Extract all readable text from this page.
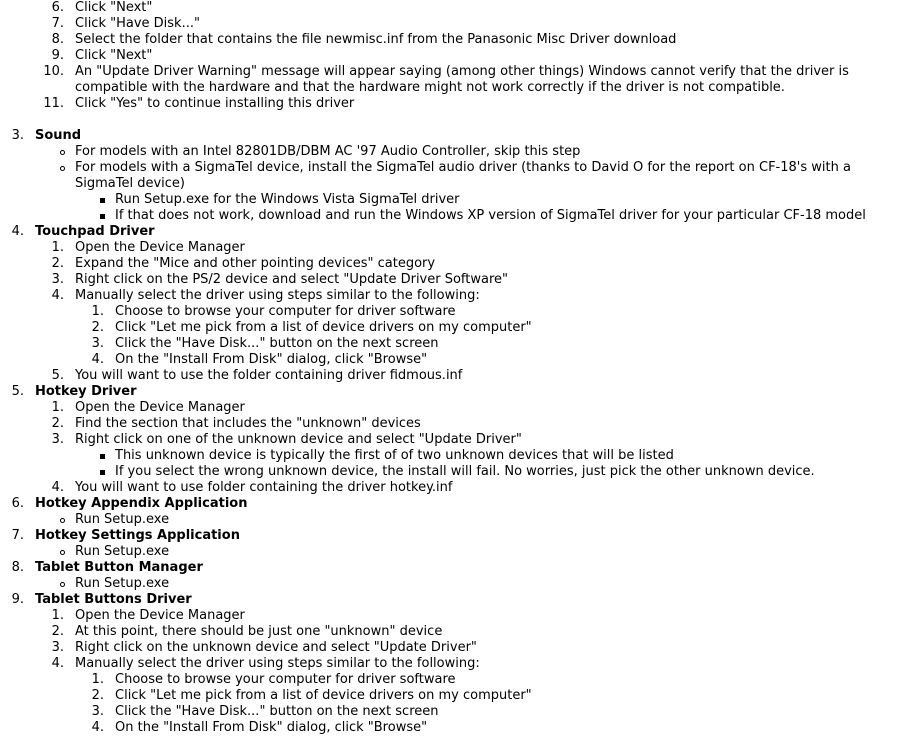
6. Click "Next"
7. Click "Have Disk..."
8. Select the folder that contains the file newmisc.inf from the Panasonic Misc Driver download
9. Click "Next"
10. An "Update Driver Warning" message will appear saying (among other things) Windows cannot verify that the driver is
compatible with the hardware and that the hardware might not work correctly if the driver is not compatible.
11. Click "Yes" to continue installing this driver
3. Sound
For models with an Intel 82801DB/DBM AC '97 Audio Controller, skip this step
For models with a SigmaTel device, install the SigmaTel audio driver (thanks to David O for the report on CF-18's with a
SigmaTel device)
Run Setup.exe for the Windows Vista SigmaTel driver
If that does not work, download and run the Windows XP version of SigmaTel driver for your particular CF-18 model
4. Touchpad Driver
1. Open the Device Manager
2. Expand the "Mice and other pointing devices" category
3. Right click on the PS/2 device and select "Update Driver Software"
4. Manually select the driver using steps similar to the following:
1. Choose to browse your computer for driver software
2. Click "Let me pick from a list of device drivers on my computer"
3. Click the "Have Disk..." button on the next screen
4. On the "Install From Disk" dialog, click "Browse"
5. You will want to use the folder containing driver fidmous.inf
5. Hotkey Driver
1. Open the Device Manager
2. Find the section that includes the "unknown" devices
3. Right click on one of the unknown device and select "Update Driver"
This unknown device is typically the first of of two unknown devices that will be listed
If you select the wrong unknown device, the install will fail. No worries, just pick the other unknown device.
4. You will want to use folder containing the driver hotkey.inf
6. Hotkey Appendix Application
Run Setup.exe
7. Hotkey Settings Application
Run Setup.exe
8. Tablet Button Manager
Run Setup.exe
9. Tablet Buttons Driver
1. Open the Device Manager
2. At this point, there should be just one "unknown" device
3. Right click on the unknown device and select "Update Driver"
4. Manually select the driver using steps similar to the following:
1. Choose to browse your computer for driver software
2. Click "Let me pick from a list of device drivers on my computer"
3. Click the "Have Disk..." button on the next screen
4. On the "Install From Disk" dialog, click "Browse"
